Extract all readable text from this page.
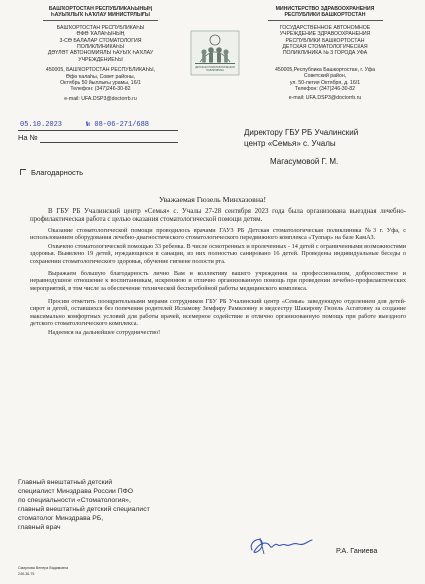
БАШҠОРТОСТАН РЕСПУБЛИКАҺЫНЫҢ
ҺАУЫҠЛЫҠ ҺАҠЛАУ МИНИСТРЛЫҒЫ
БАШҠОРТОСТАН РЕСПУБЛИКАҺЫ
ӨФӨ ҠАЛАҺЫНЫҢ
3-СӨ БАЛАЛАР СТОМАТОЛОГИЯ
ПОЛИКЛИНИКАҺЫ
ДӘҮЛӘТ АВТОНОМИЯЛЫ ҺАУЫҠ ҺАҠЛАУ
УЧРЕЖДЕНИЕҺЫ
450005, БАШҠОРТОСТАН РЕСПУБЛИКАҺЫ,
Өфө ҡалаһы, Совет районы,
Октябрь 50 йыллығы урамы, 16/1
Телефон: (347)246-30-82
e-mail: UFA.DSP3@doctorrb.ru
ДЕТСКАЯ СТОМАТОЛОГИЧЕСКАЯ ПОЛИКЛИНИКА
МИНИСТЕРСТВО ЗДРАВООХРАНЕНИЯ
РЕСПУБЛИКИ БАШКОРТОСТАН
ГОСУДАРСТВЕННОЕ АВТОНОМНОЕ
УЧРЕЖДЕНИЕ ЗДРАВООХРАНЕНИЯ
РЕСПУБЛИКИ БАШКОРТОСТАН
ДЕТСКАЯ СТОМАТОЛОГИЧЕСКАЯ
ПОЛИКЛИНИКА № 3 ГОРОДА УФА
450005,Республика Башкортостан, г. Уфа
Советский район,
ул. 50-летия Октября, д. 16/1
Телефон: (347)246-30-82
e-mail: UFA.DSP3@doctorrb.ru
05.10.2023	№ 08-06-271/688
На №
Директору ГБУ РБ Учалинский
центр «Семья» с. Учалы
Магасумовой Г. М.
Благодарность
Уважаемая Гюзель Минхазовна!

В ГБУ РБ Учалинский центр «Семья» с. Учалы 27-28 сентября 2023 года была организована выездная лечебно-профилактическая работа с целью оказания стоматологической помощи детям.

Оказание стоматологической помощи проводилось врачами ГАУЗ РБ Детская стоматологическая поликлиника №3 г. Уфа, с использованием оборудования лечебно-диагностического стоматологического передвижного комплекса «Тулпар» на базе КамАЗ.

Охвачено стоматологической помощью 33 ребенка. В числе осмотренных и пролеченных - 14 детей с ограниченными возможностями здоровья. Выявлено 19 детей, нуждающихся в санации, из них полностью санировано 16 детей. Проведены индивидуальные беседы о сохранении стоматологического здоровья, обучение гигиене полости рта.

Выражаем большую благодарность лично Вам и коллективу вашего учреждения за профессионализм, добросовестное и неравнодушное отношение к воспитанникам, искреннюю и отлично организованную помощь при проведении лечебно-профилактических мероприятий, в том числе за обеспечение технической бесперебойной работы медицинского комплекса.

Просим отметить поощрительными мерами сотрудников ГБУ РБ Учалинский центр «Семья» заведующую отделением для детей-сирот и детей, оставшихся без попечения родителей Исламову Земфиру Рамиловну и медсестру Шакирову Гюзель Асгатовну за создание максимально комфортных условий для работы врачей, всемерное содействие и отлично организованную помощь при работе выездного детского стоматологического комплекса.

Надеемся на дальнейшее сотрудничество!

Главный внештатный детский
специалист Минздрава России ПФО
по специальности «Стоматология»,
главный внештатный детский специалист
стоматолог Минздрава РБ,
главный врач
Р.А. Ганиева
Смирнова Венера Вадимовна
246-36-75
